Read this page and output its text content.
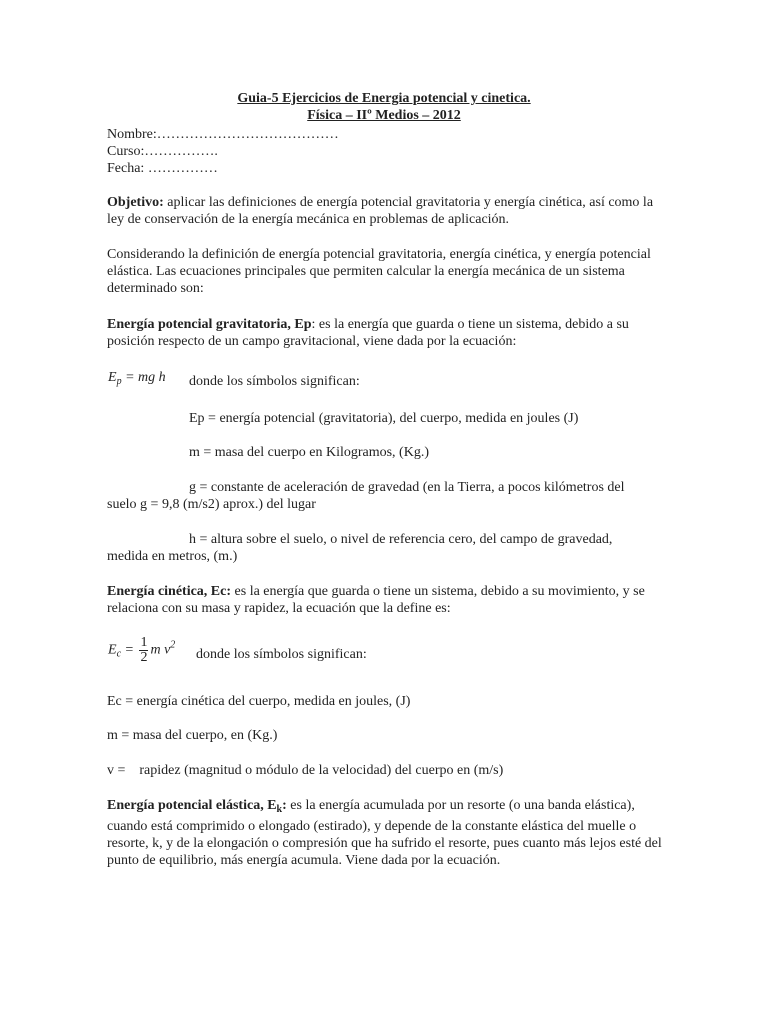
Guia-5 Ejercicios de Energia potencial y cinetica.

Física – IIº Medios – 2012

Nombre:…………………………………

Curso:…………….

Fecha: ……………

Objetivo: aplicar las definiciones de energía potencial gravitatoria y energía cinética, así como la ley de conservación de la energía mecánica en problemas de aplicación.

Considerando la definición de energía potencial gravitatoria, energía cinética, y energía potencial elástica. Las ecuaciones principales que permiten calcular la energía mecánica de un sistema determinado son:

Energía potencial gravitatoria, Ep: es la energía que guarda o tiene un sistema, debido a su posición respecto de un campo gravitacional, viene dada por la ecuación:

$E_p$ = mg h donde los símbolos significan:

Ep = energía potencial (gravitatoria), del cuerpo, medida en joules (J)

m = masa del cuerpo en Kilogramos, (Kg.)

g = constante de aceleración de gravedad (en la Tierra, a pocos kilómetros del

suelo g = 9,8 (m/s2) aprox.) del lugar

h = altura sobre el suelo, o nivel de referencia cero, del campo de gravedad,

medida en metros, (m.)

Energía cinética, Ec: es la energía que guarda o tiene un sistema, debido a su movimiento, y se relaciona con su masa y rapidez, la ecuación que la define es:

$E_c = \frac{1}{2}$ m $v^2$

donde los símbolos significan:

Ec = energía cinética del cuerpo, medida en joules, (J)

m = masa del cuerpo, en (Kg.)

v =    rapidez (magnitud o módulo de la velocidad) del cuerpo en (m/s)

Energía potencial elástica, $E_k$: es la energía acumulada por un resorte (o una banda elástica), cuando está comprimido o elongado (estirado), y depende de la constante elástica del muelle o resorte, k, y de la elongación o compresión que ha sufrido el resorte, pues cuanto más lejos esté del punto de equilibrio, más energía acumula. Viene dada por la ecuación.
